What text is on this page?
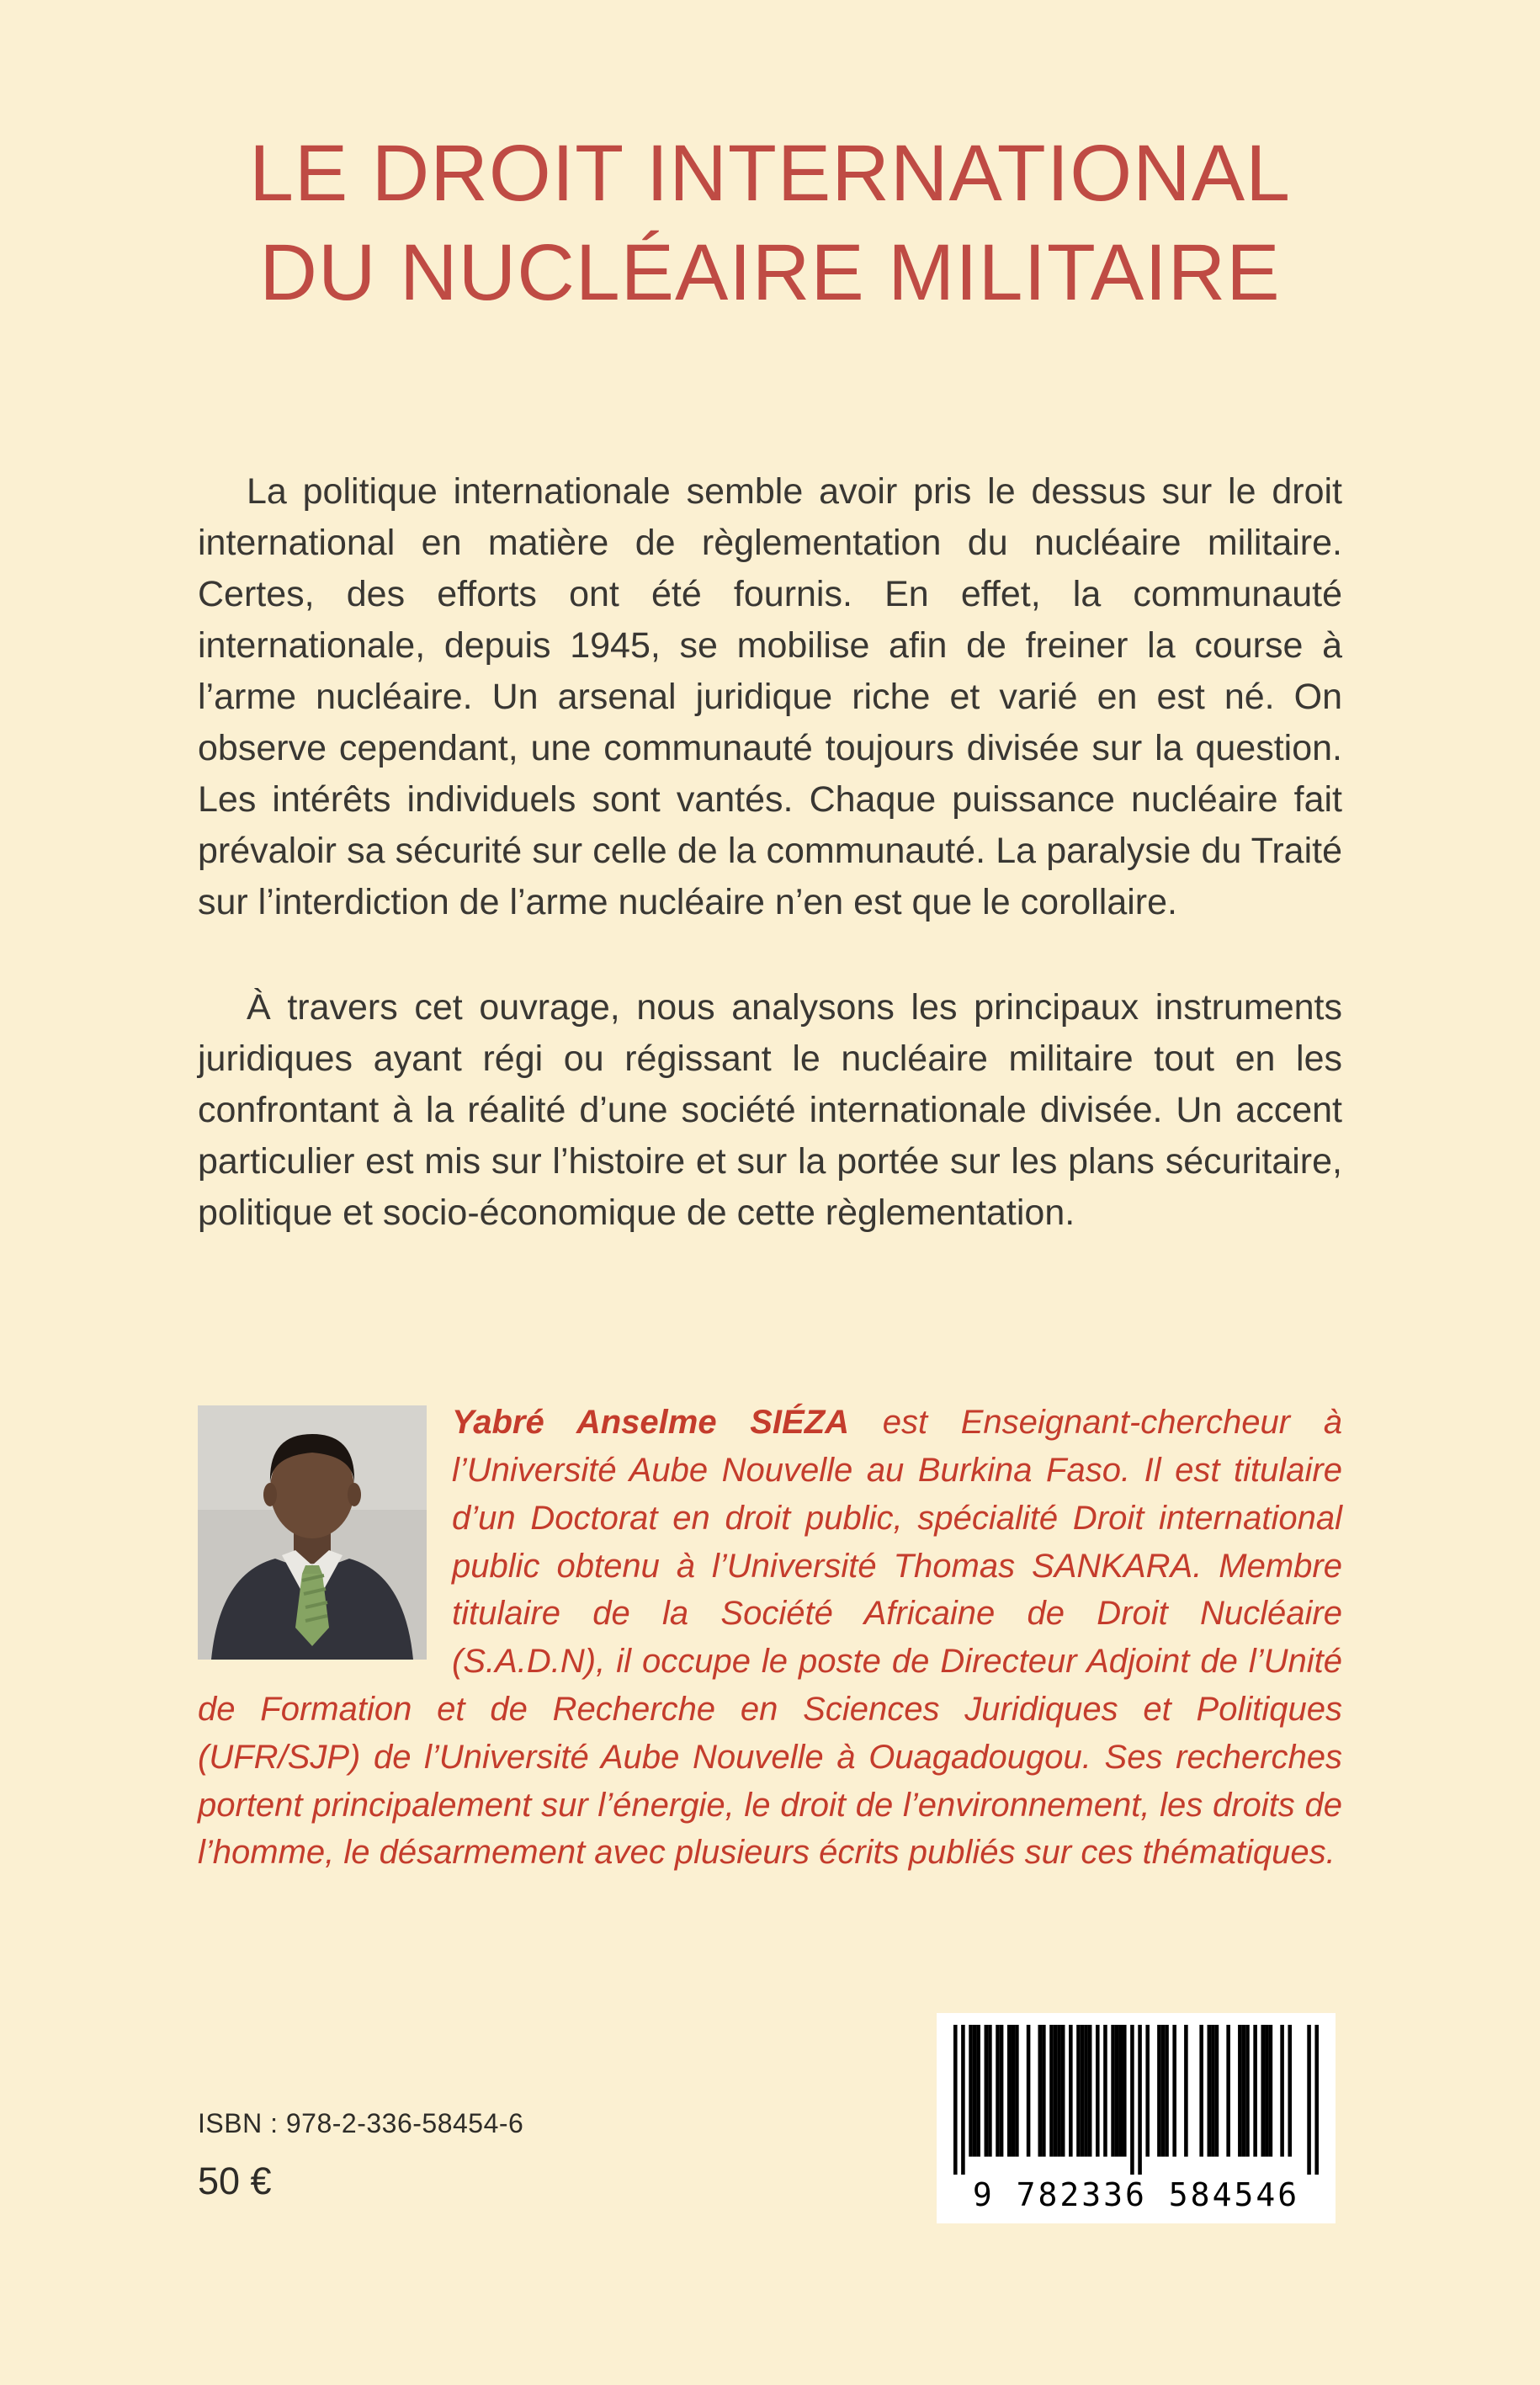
LE DROIT INTERNATIONAL
DU NUCLÉAIRE MILITAIRE

La politique internationale semble avoir pris le dessus sur le droit international en matière de règlementation du nucléaire militaire. Certes, des efforts ont été fournis. En effet, la communauté internationale, depuis 1945, se mobilise afin de freiner la course à l’arme nucléaire. Un arsenal juridique riche et varié en est né. On observe cependant, une communauté toujours divisée sur la question. Les intérêts individuels sont vantés. Chaque puissance nucléaire fait prévaloir sa sécurité sur celle de la communauté. La paralysie du Traité sur l’interdiction de l’arme nucléaire n’en est que le corollaire.

À travers cet ouvrage, nous analysons les principaux instruments juridiques ayant régi ou régissant le nucléaire militaire tout en les confrontant à la réalité d’une société internationale divisée. Un accent particulier est mis sur l’histoire et sur la portée sur les plans sécuritaire, politique et socio-économique de cette règlementation.

Yabré Anselme SIÉZA est Enseignant-chercheur à l’Université Aube Nouvelle au Burkina Faso. Il est titulaire d’un Doctorat en droit public, spécialité Droit international public obtenu à l’Université Thomas SANKARA. Membre titulaire de la Société Africaine de Droit Nucléaire (S.A.D.N), il occupe le poste de Directeur Adjoint de l’Unité de Formation et de Recherche en Sciences Juridiques et Politiques (UFR/SJP) de l’Université Aube Nouvelle à Ouagadougou. Ses recherches portent principalement sur l’énergie, le droit de l’environnement, les droits de l’homme, le désarmement avec plusieurs écrits publiés sur ces thématiques.

ISBN : 978-2-336-58454-6
50 €	9 782336 584546
